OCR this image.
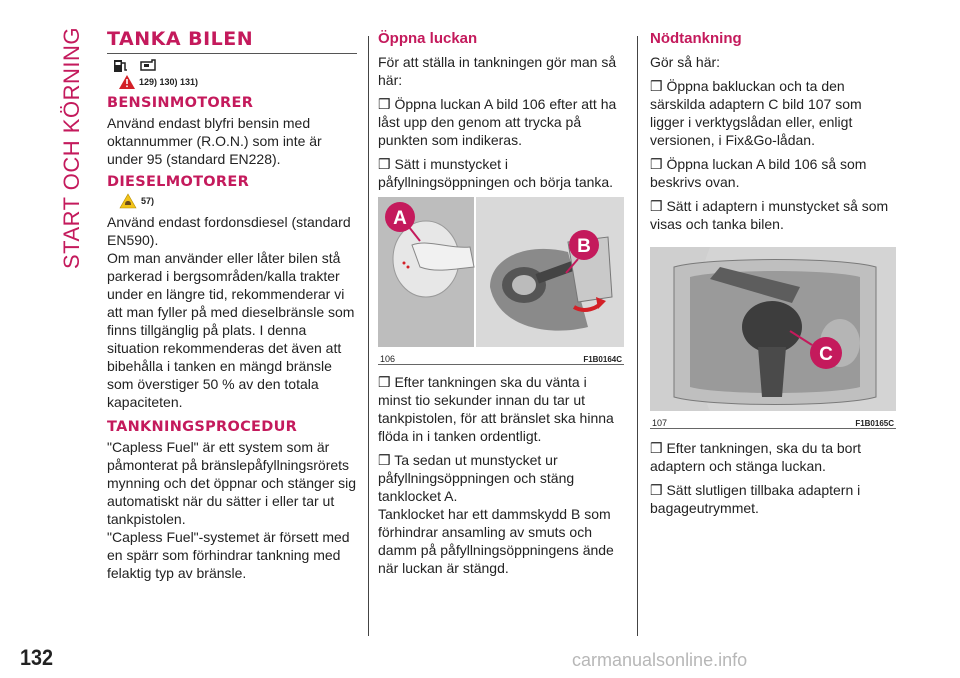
START OCH KÖRNING TANKA BILEN
129) 130) 131)
BENSINMOTORER

Använd endast blyfri bensin med oktannummer (R.O.N.) som inte är under 95 (standard EN228).

DIESELMOTORER
57)

Använd endast fordonsdiesel (standard EN590).

Om man använder eller låter bilen stå parkerad i bergsområden/kalla trakter under en längre tid, rekommenderar vi att man fyller på med dieselbränsle som finns tillgänglig på plats. I denna situation rekommenderas det även att bibehålla i tanken en mängd bränsle som överstiger 50 % av den totala kapaciteten.

TANKNINGSPROCEDUR

"Capless Fuel" är ett system som är påmonterat på bränslepåfyllningsrörets mynning och det öppnar och stänger sig automatiskt när du sätter i eller tar ut tankpistolen.

"Capless Fuel"-systemet är försett med en spärr som förhindrar tankning med felaktig typ av bränsle.

Öppna luckan

För att ställa in tankningen gör man så här:

❒ Öppna luckan A bild 106 efter att ha låst upp den genom att trycka på punkten som indikeras.

❒ Sätt i munstycket i påfyllningsöppningen och börja tanka.

A
B
106	F1B0164C

❒ Efter tankningen ska du vänta i minst tio sekunder innan du tar ut tankpistolen, för att bränslet ska hinna flöda in i tanken ordentligt.

❒ Ta sedan ut munstycket ur påfyllningsöppningen och stäng tanklocket A.

Tanklocket har ett dammskydd B som förhindrar ansamling av smuts och damm på påfyllningsöppningens ände när luckan är stängd.

Nödtankning

Gör så här:

❒ Öppna bakluckan och ta den särskilda adaptern C bild 107 som ligger i verktygslådan eller, enligt versionen, i Fix&Go-lådan.

❒ Öppna luckan A bild 106 så som beskrivs ovan.

❒ Sätt i adaptern i munstycket så som visas och tanka bilen.

C
107	F1B0165C

❒ Efter tankningen, ska du ta bort adaptern och stänga luckan.

❒ Sätt slutligen tillbaka adaptern i bagageutrymmet.

132	carmanualsonline.info
